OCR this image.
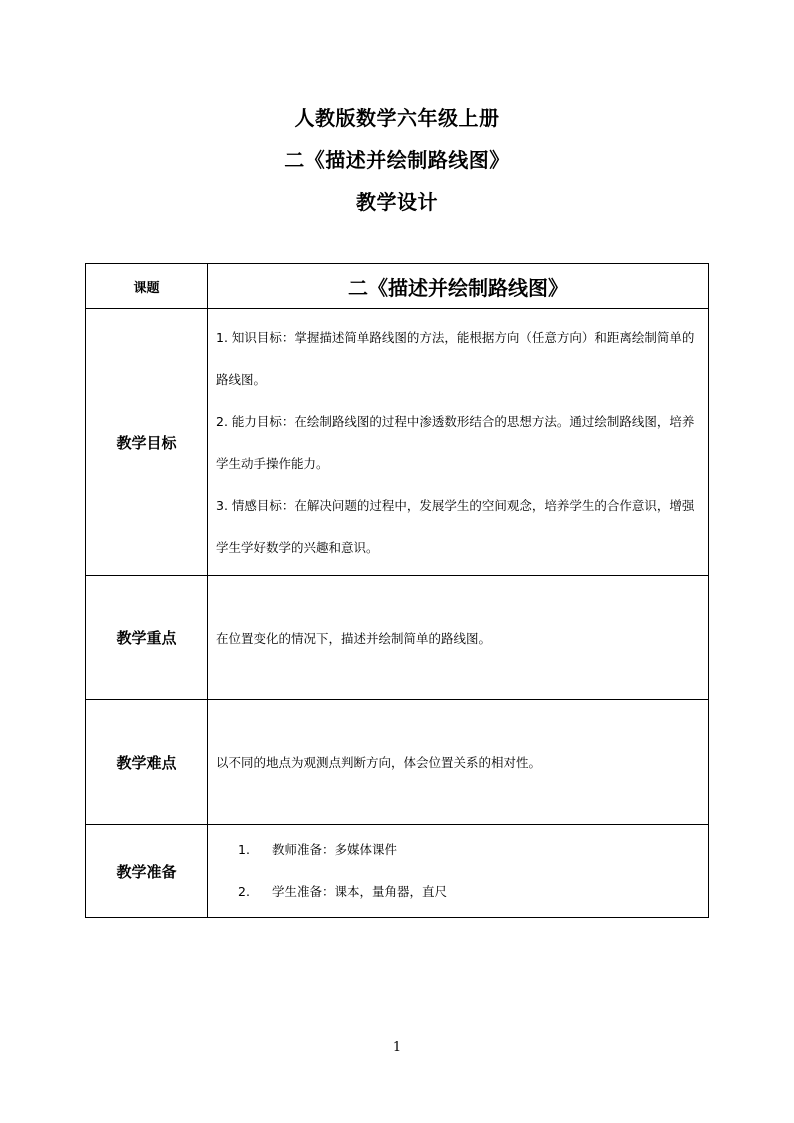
人教版数学六年级上册
二《描述并绘制路线图》
教学设计
课题	二《描述并绘制路线图》
教学目标	1. 知识目标：掌握描述简单路线图的方法，能根据方向（任意方向）和距离绘制简单的路线图。

2. 能力目标：在绘制路线图的过程中渗透数形结合的思想方法。通过绘制路线图，培养学生动手操作能力。

3. 情感目标：在解决问题的过程中，发展学生的空间观念，培养学生的合作意识，增强学生学好数学的兴趣和意识。

教学重点	在位置变化的情况下，描述并绘制简单的路线图。

教学难点	以不同的地点为观测点判断方向，体会位置关系的相对性。

教学准备	1. 教师准备：多媒体课件
2. 学生准备：课本，量角器，直尺
1
